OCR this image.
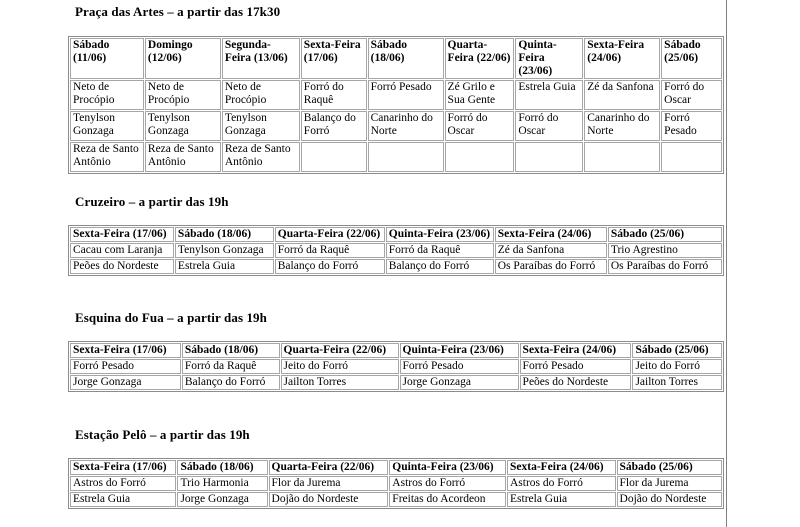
Praça das Artes – a partir das 17k30
Sábado (11/06)	Domingo (12/06)	Segunda-Feira (13/06)	Sexta-Feira (17/06)	Sábado (18/06)	Quarta-Feira (22/06)	Quinta-Feira (23/06)	Sexta-Feira (24/06)	Sábado (25/06)
Neto de Procópio	Neto de Procópio	Neto de Procópio	Forró do Raquê	Forró Pesado	Zé Grilo e Sua Gente	Estrela Guia	Zé da Sanfona	Forró do Oscar
Tenylson Gonzaga	Tenylson Gonzaga	Tenylson Gonzaga	Balanço do Forró	Canarinho do Norte	Forró do Oscar	Forró do Oscar	Canarinho do Norte	Forró Pesado
Reza de Santo Antônio	Reza de Santo Antônio	Reza de Santo Antônio						
Cruzeiro – a partir das 19h
Sexta-Feira (17/06)	Sábado (18/06)	Quarta-Feira (22/06)	Quinta-Feira (23/06)	Sexta-Feira (24/06)	Sábado (25/06)
Cacau com Laranja	Tenylson Gonzaga	Forró da Raquê	Forró da Raquê	Zé da Sanfona	Trio Agrestino
Peões do Nordeste	Estrela Guia	Balanço do Forró	Balanço do Forró	Os Paraíbas do Forró	Os Paraíbas do Forró
Esquina do Fua – a partir das 19h
Sexta-Feira (17/06)	Sábado (18/06)	Quarta-Feira (22/06)	Quinta-Feira (23/06)	Sexta-Feira (24/06)	Sábado (25/06)
Forró Pesado	Forró da Raquê	Jeito do Forró	Forró Pesado	Forró Pesado	Jeito do Forró
Jorge Gonzaga	Balanço do Forró	Jailton Torres	Jorge Gonzaga	Peões do Nordeste	Jailton Torres
Estação Pelô – a partir das 19h
Sexta-Feira (17/06)	Sábado (18/06)	Quarta-Feira (22/06)	Quinta-Feira (23/06)	Sexta-Feira (24/06)	Sábado (25/06)
Astros do Forró	Trio Harmonia	Flor da Jurema	Astros do Forró	Astros do Forró	Flor da Jurema
Estrela Guia	Jorge Gonzaga	Dojão do Nordeste	Freitas do Acordeon	Estrela Guia	Dojão do Nordeste
